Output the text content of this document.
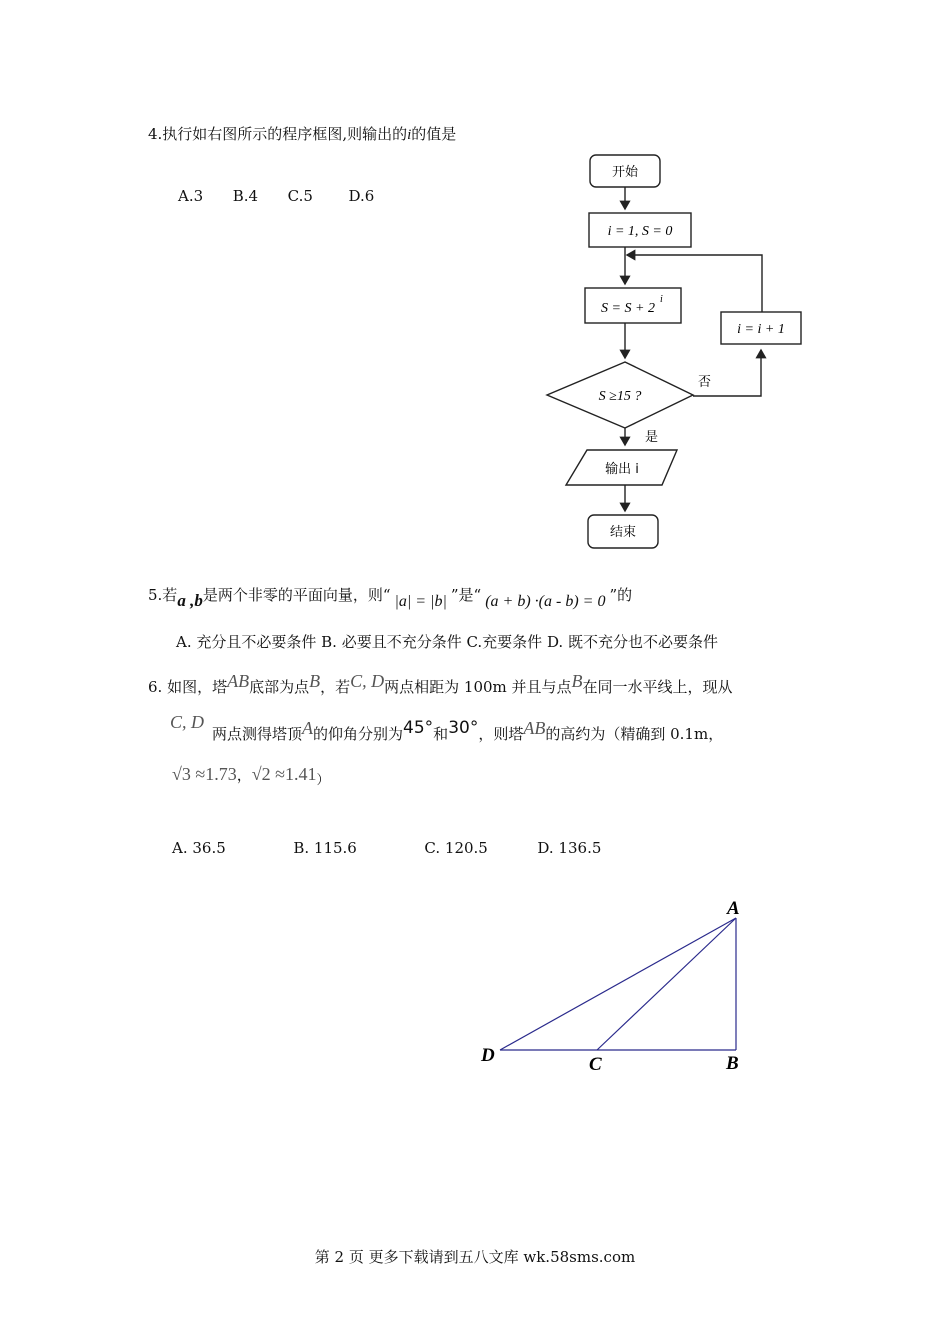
4.执行如右图所示的程序框图,则输出的i的值是
A.3 B.4 C.5 D.6
开始
i = 1, S = 0
S = S + 2
i
i = i + 1
S ≥15 ?
否
是
输出 i
结束
5.若a ,b是两个非零的平面向量，则“ |a| = |b| ”是“ (a + b) ·(a - b) = 0 ”的
A. 充分且不必要条件 B. 必要且不充分条件 C.充要条件 D. 既不充分也不必要条件
6. 如图，塔AB底部为点B，若C, D两点相距为 100m 并且与点B在同一水平线上，现从
C, D
两点测得塔顶A的仰角分别为45°和30°，则塔AB的高约为（精确到 0.1m，
√3 ≈1.73，√2 ≈1.41）
A. 36.5	B. 115.6	C. 120.5	D. 136.5
A
B
C
D
第 2 页 更多下载请到五八文库 wk.58sms.com
